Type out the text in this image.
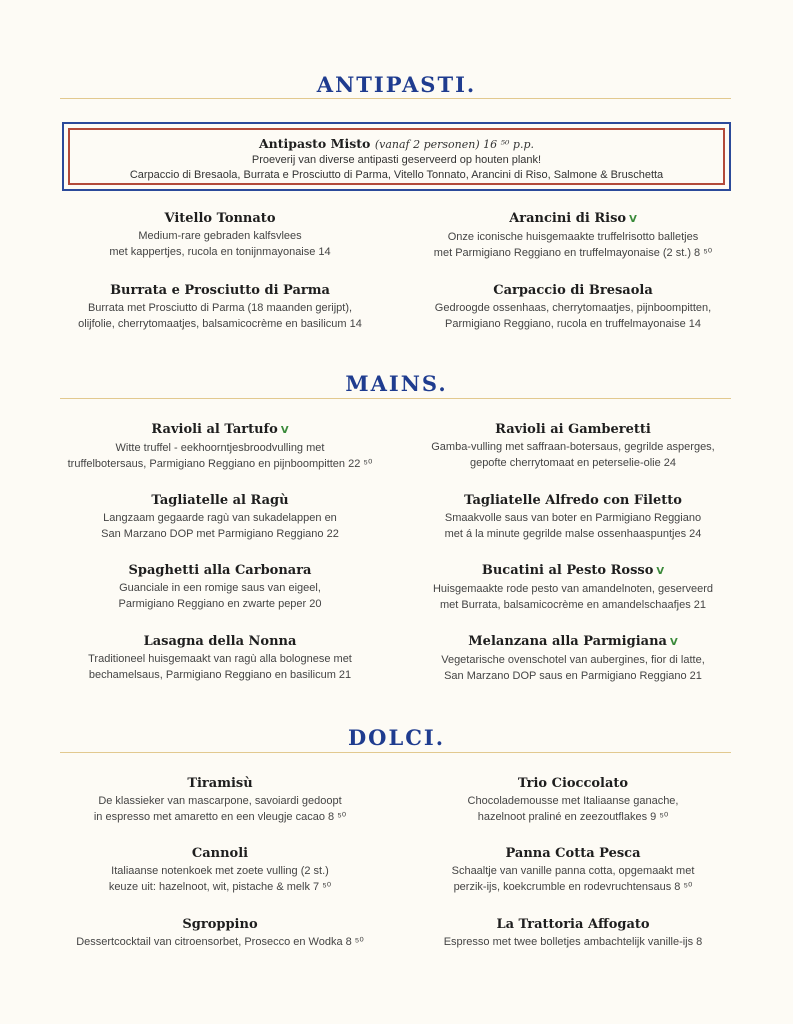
ANTIPASTI.
Antipasto Misto (vanaf 2 personen) 16 ⁵⁰ p.p.
Proeverij van diverse antipasti geserveerd op houten plank!
Carpaccio di Bresaola, Burrata e Prosciutto di Parma, Vitello Tonnato, Arancini di Riso, Salmone & Bruschetta
Vitello Tonnato
Medium-rare gebraden kalfsvlees
met kappertjes, rucola en tonijnmayonaise 14
Arancini di Riso V
Onze iconische huisgemaakte truffelrisotto balletjes
met Parmigiano Reggiano en truffelmayonaise (2 st.) 8 ⁵⁰
Burrata e Prosciutto di Parma
Burrata met Prosciutto di Parma (18 maanden gerijpt),
olijfolie, cherrytomaatjes, balsamicocrème en basilicum 14
Carpaccio di Bresaola
Gedroogde ossenhaas, cherrytomaatjes, pijnboompitten,
Parmigiano Reggiano, rucola en truffelmayonaise 14
MAINS.
Ravioli al Tartufo V
Witte truffel - eekhoorntjesbroodvulling met
truffelbotersaus, Parmigiano Reggiano en pijnboompitten 22 ⁵⁰
Ravioli ai Gamberetti
Gamba-vulling met saffraan-botersaus, gegrilde asperges,
gepofte cherrytomaat en peterselie-olie 24
Tagliatelle al Ragù
Langzaam gegaarde ragù van sukadelappen en
San Marzano DOP met Parmigiano Reggiano 22
Tagliatelle Alfredo con Filetto
Smaakvolle saus van boter en Parmigiano Reggiano
met á la minute gegrilde malse ossenhaaspuntjes 24
Spaghetti alla Carbonara
Guanciale in een romige saus van eigeel,
Parmigiano Reggiano en zwarte peper 20
Bucatini al Pesto Rosso V
Huisgemaakte rode pesto van amandelnoten, geserveerd
met Burrata, balsamicocrème en amandelschaafjes 21
Lasagna della Nonna
Traditioneel huisgemaakt van ragù alla bolognese met
bechamelsaus, Parmigiano Reggiano en basilicum 21
Melanzana alla Parmigiana V
Vegetarische ovenschotel van aubergines, fior di latte,
San Marzano DOP saus en Parmigiano Reggiano 21
DOLCI.
Tiramisù
De klassieker van mascarpone, savoiardi gedoopt
in espresso met amaretto en een vleugje cacao 8 ⁵⁰
Trio Cioccolato
Chocolademousse met Italiaanse ganache,
hazelnoot praliné en zeezoutflakes 9 ⁵⁰
Cannoli
Italiaanse notenkoek met zoete vulling (2 st.)
keuze uit: hazelnoot, wit, pistache & melk 7 ⁵⁰
Panna Cotta Pesca
Schaaltje van vanille panna cotta, opgemaakt met
perzik-ijs, koekcrumble en rodevruchtensaus 8 ⁵⁰
Sgroppino
Dessertcocktail van citroensorbet, Prosecco en Wodka 8 ⁵⁰
La Trattoria Affogato
Espresso met twee bolletjes ambachtelijk vanille-ijs 8
